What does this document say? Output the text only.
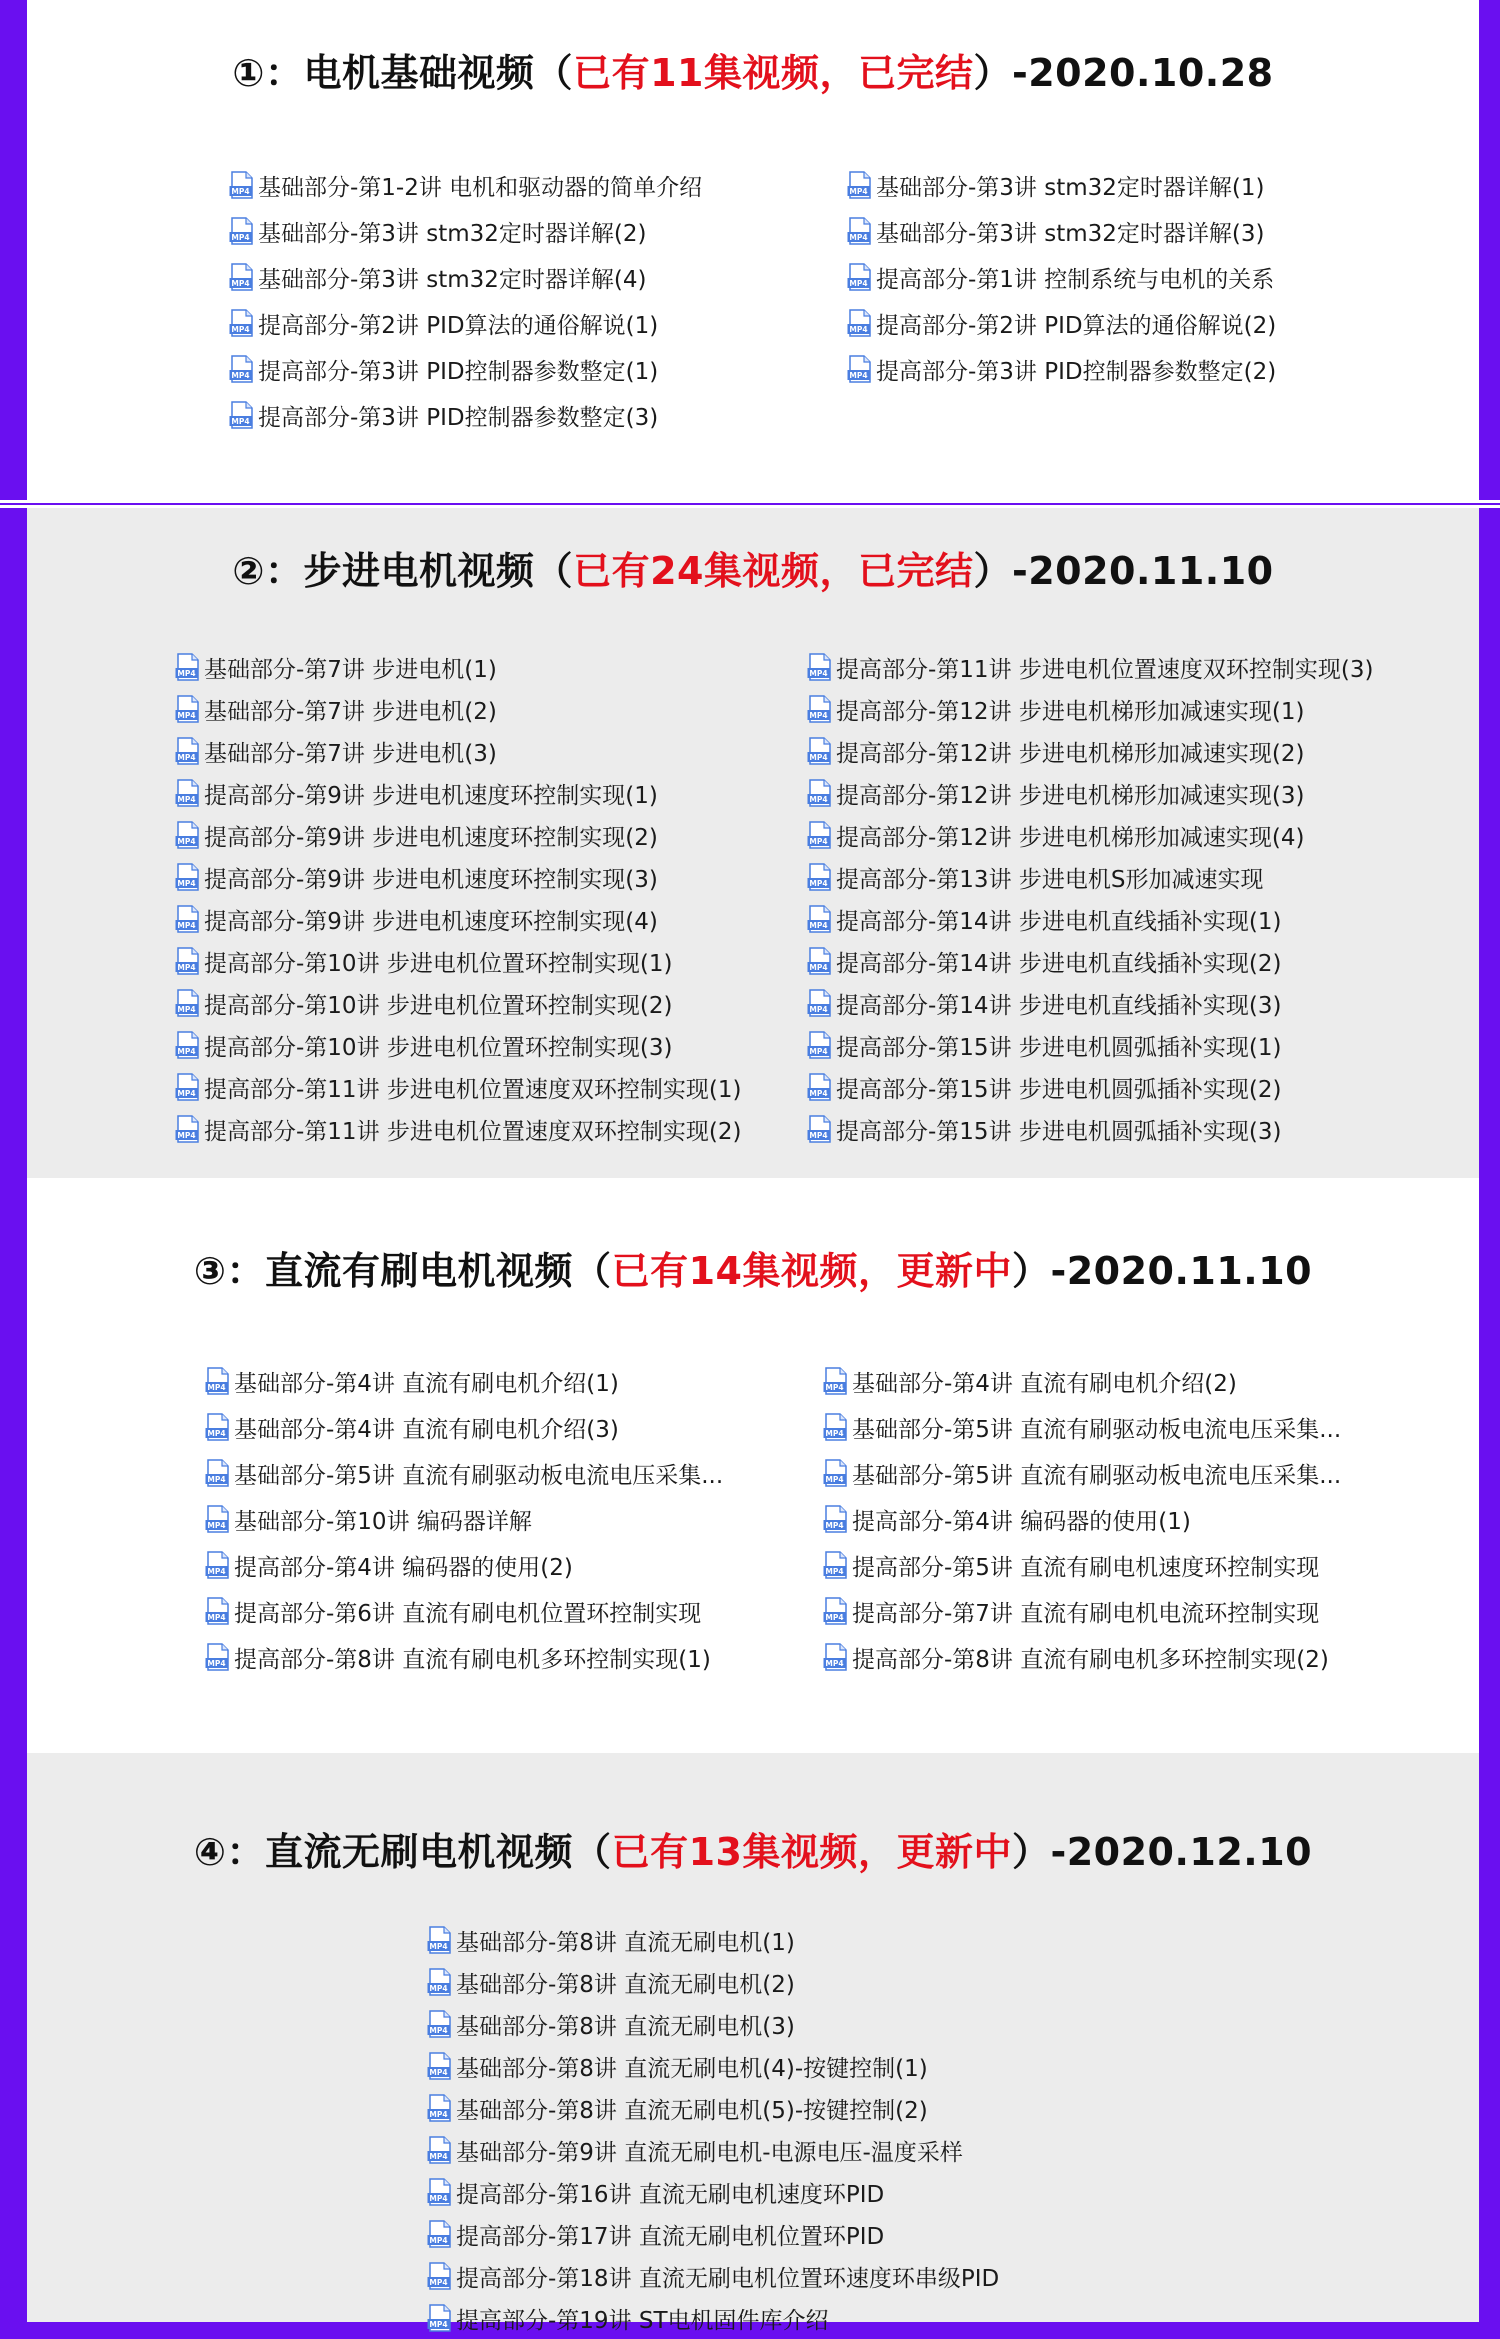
①：电机基础视频（已有11集视频，已完结）-2020.10.28
MP4 基础部分-第1-2讲 电机和驱动器的简单介绍
MP4 基础部分-第3讲 stm32定时器详解(2)
MP4 基础部分-第3讲 stm32定时器详解(4)
MP4 提高部分-第2讲 PID算法的通俗解说(1)
MP4 提高部分-第3讲 PID控制器参数整定(1)
MP4 提高部分-第3讲 PID控制器参数整定(3)
MP4 基础部分-第3讲 stm32定时器详解(1)
MP4 基础部分-第3讲 stm32定时器详解(3)
MP4 提高部分-第1讲 控制系统与电机的关系
MP4 提高部分-第2讲 PID算法的通俗解说(2)
MP4 提高部分-第3讲 PID控制器参数整定(2)
②：步进电机视频（已有24集视频，已完结）-2020.11.10
MP4 基础部分-第7讲 步进电机(1)
MP4 基础部分-第7讲 步进电机(2)
MP4 基础部分-第7讲 步进电机(3)
MP4 提高部分-第9讲 步进电机速度环控制实现(1)
MP4 提高部分-第9讲 步进电机速度环控制实现(2)
MP4 提高部分-第9讲 步进电机速度环控制实现(3)
MP4 提高部分-第9讲 步进电机速度环控制实现(4)
MP4 提高部分-第10讲 步进电机位置环控制实现(1)
MP4 提高部分-第10讲 步进电机位置环控制实现(2)
MP4 提高部分-第10讲 步进电机位置环控制实现(3)
MP4 提高部分-第11讲 步进电机位置速度双环控制实现(1)
MP4 提高部分-第11讲 步进电机位置速度双环控制实现(2)
MP4 提高部分-第11讲 步进电机位置速度双环控制实现(3)
MP4 提高部分-第12讲 步进电机梯形加减速实现(1)
MP4 提高部分-第12讲 步进电机梯形加减速实现(2)
MP4 提高部分-第12讲 步进电机梯形加减速实现(3)
MP4 提高部分-第12讲 步进电机梯形加减速实现(4)
MP4 提高部分-第13讲 步进电机S形加减速实现
MP4 提高部分-第14讲 步进电机直线插补实现(1)
MP4 提高部分-第14讲 步进电机直线插补实现(2)
MP4 提高部分-第14讲 步进电机直线插补实现(3)
MP4 提高部分-第15讲 步进电机圆弧插补实现(1)
MP4 提高部分-第15讲 步进电机圆弧插补实现(2)
MP4 提高部分-第15讲 步进电机圆弧插补实现(3)
③：直流有刷电机视频（已有14集视频，更新中）-2020.11.10
MP4 基础部分-第4讲 直流有刷电机介绍(1)
MP4 基础部分-第4讲 直流有刷电机介绍(3)
MP4 基础部分-第5讲 直流有刷驱动板电流电压采集...
MP4 基础部分-第10讲 编码器详解
MP4 提高部分-第4讲 编码器的使用(2)
MP4 提高部分-第6讲 直流有刷电机位置环控制实现
MP4 提高部分-第8讲 直流有刷电机多环控制实现(1)
MP4 基础部分-第4讲 直流有刷电机介绍(2)
MP4 基础部分-第5讲 直流有刷驱动板电流电压采集...
MP4 基础部分-第5讲 直流有刷驱动板电流电压采集...
MP4 提高部分-第4讲 编码器的使用(1)
MP4 提高部分-第5讲 直流有刷电机速度环控制实现
MP4 提高部分-第7讲 直流有刷电机电流环控制实现
MP4 提高部分-第8讲 直流有刷电机多环控制实现(2)
④：直流无刷电机视频（已有13集视频，更新中）-2020.12.10
MP4 基础部分-第8讲 直流无刷电机(1)
MP4 基础部分-第8讲 直流无刷电机(2)
MP4 基础部分-第8讲 直流无刷电机(3)
MP4 基础部分-第8讲 直流无刷电机(4)-按键控制(1)
MP4 基础部分-第8讲 直流无刷电机(5)-按键控制(2)
MP4 基础部分-第9讲 直流无刷电机-电源电压-温度采样
MP4 提高部分-第16讲 直流无刷电机速度环PID
MP4 提高部分-第17讲 直流无刷电机位置环PID
MP4 提高部分-第18讲 直流无刷电机位置环速度环串级PID
MP4 提高部分-第19讲 ST电机固件库介绍
